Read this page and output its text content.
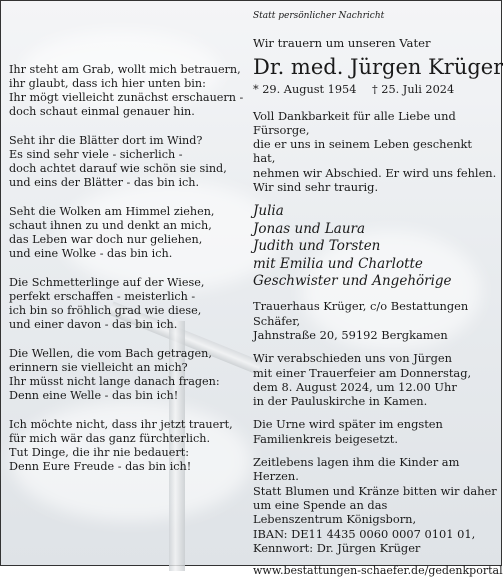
Ihr steht am Grab, wollt mich betrauern,
ihr glaubt, dass ich hier unten bin:
Ihr mögt vielleicht zunächst erschauern -
doch schaut einmal genauer hin.
Seht ihr die Blätter dort im Wind?
Es sind sehr viele - sicherlich -
doch achtet darauf wie schön sie sind,
und eins der Blätter - das bin ich.
Seht die Wolken am Himmel ziehen,
schaut ihnen zu und denkt an mich,
das Leben war doch nur geliehen,
und eine Wolke - das bin ich.
Die Schmetterlinge auf der Wiese,
perfekt erschaffen - meisterlich -
ich bin so fröhlich grad wie diese,
und einer davon - das bin ich.
Die Wellen, die vom Bach getragen,
erinnern sie vielleicht an mich?
Ihr müsst nicht lange danach fragen:
Denn eine Welle - das bin ich!
Ich möchte nicht, dass ihr jetzt trauert,
für mich wär das ganz fürchterlich.
Tut Dinge, die ihr nie bedauert:
Denn Eure Freude - das bin ich!
Statt persönlicher Nachricht
Wir trauern um unseren Vater
Dr. med. Jürgen Krüger
* 29. August 1954 † 25. Juli 2024
Voll Dankbarkeit für alle Liebe und Fürsorge,
die er uns in seinem Leben geschenkt hat,
nehmen wir Abschied. Er wird uns fehlen.
Wir sind sehr traurig.
Julia
Jonas und Laura
Judith und Torsten
mit Emilia und Charlotte
Geschwister und Angehörige
Trauerhaus Krüger, c/o Bestattungen Schäfer,
Jahnstraße 20, 59192 Bergkamen
Wir verabschieden uns von Jürgen
mit einer Trauerfeier am Donnerstag,
dem 8. August 2024, um 12.00 Uhr
in der Pauluskirche in Kamen.
Die Urne wird später im engsten
Familienkreis beigesetzt.
Zeitlebens lagen ihm die Kinder am Herzen.
Statt Blumen und Kränze bitten wir daher
um eine Spende an das
Lebenszentrum Königsborn,
IBAN: DE11 4435 0060 0007 0101 01,
Kennwort: Dr. Jürgen Krüger
www.bestattungen-schaefer.de/gedenkportal
